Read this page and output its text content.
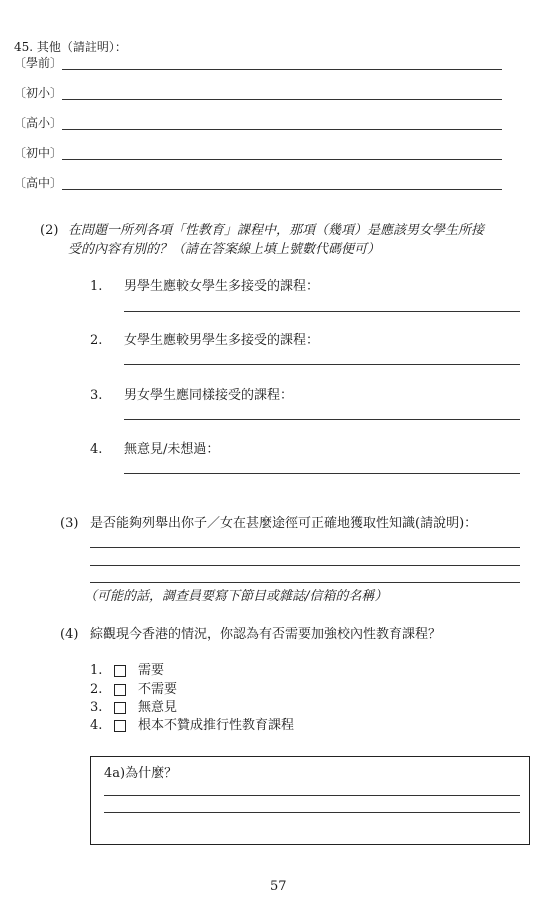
45. 其他（請註明）：
〔學前〕
〔初小〕
〔高小〕
〔初中〕
〔高中〕
(2) 在問題一所列各項「性教育」課程中，那項（幾項）是應該男女學生所接
受的內容有別的？（請在答案線上填上號數代碼便可）
1. 男學生應較女學生多接受的課程：
2. 女學生應較男學生多接受的課程：
3. 男女學生應同樣接受的課程：
4. 無意見/未想過：
(3) 是否能夠列舉出你子／女在甚麼途徑可正確地獲取性知識(請說明)：
（可能的話，調查員要寫下節目或雜誌/信箱的名稱）
(4) 綜觀現今香港的情況，你認為有否需要加強校內性教育課程？
1.	需要
2.	不需要
3.	無意見
4.	根本不贊成推行性教育課程
4a)為什麼？
57
